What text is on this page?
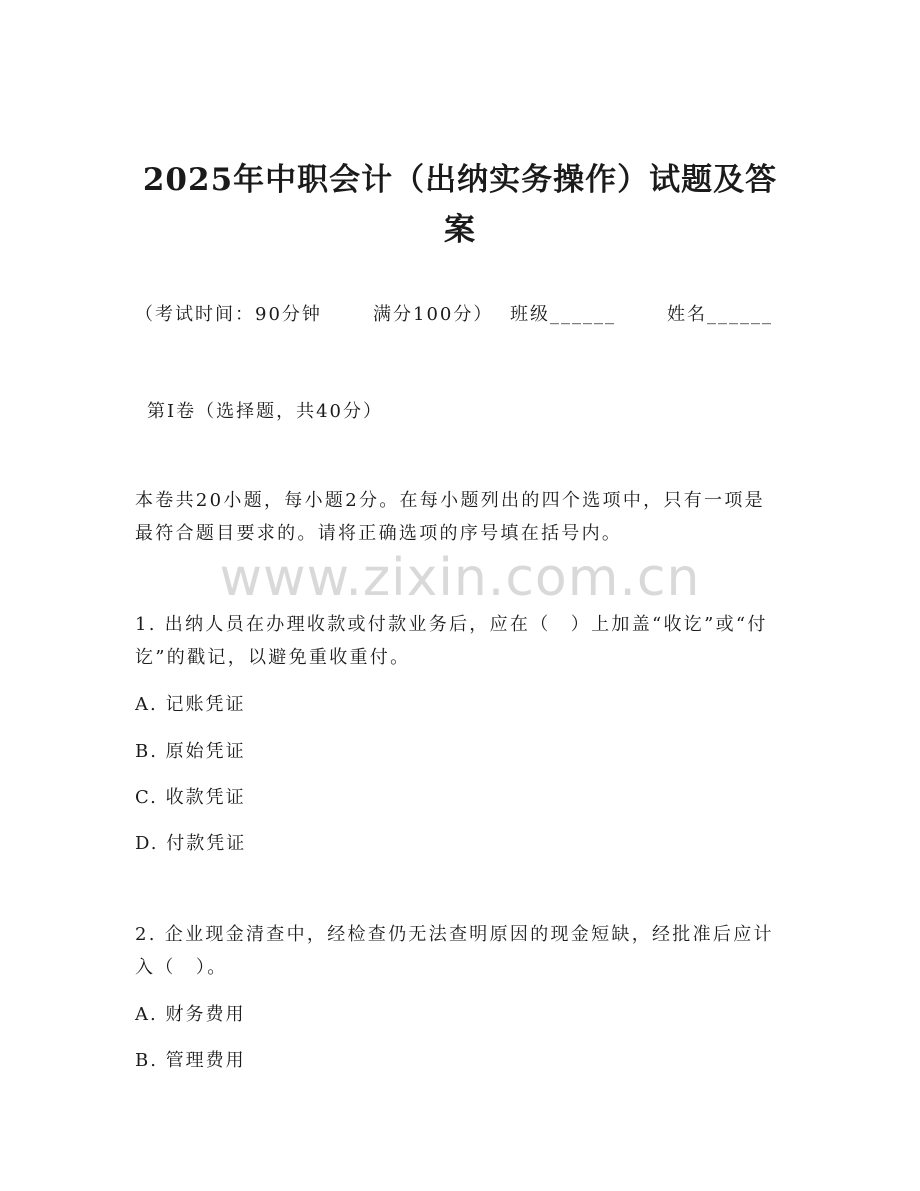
2025年中职会计（出纳实务操作）试题及答
案
（考试时间：90分钟	满分100分） 班级______	姓名______
第I卷（选择题，共40分）
本卷共20小题，每小题2分。在每小题列出的四个选项中，只有一项是最符合题目要求的。请将正确选项的序号填在括号内。
www.zixin.com.cn
1. 出纳人员在办理收款或付款业务后，应在（　）上加盖“收讫”或“付讫”的戳记，以避免重收重付。
A. 记账凭证
B. 原始凭证
C. 收款凭证
D. 付款凭证
2. 企业现金清查中，经检查仍无法查明原因的现金短缺，经批准后应计入（　）。
A. 财务费用
B. 管理费用
